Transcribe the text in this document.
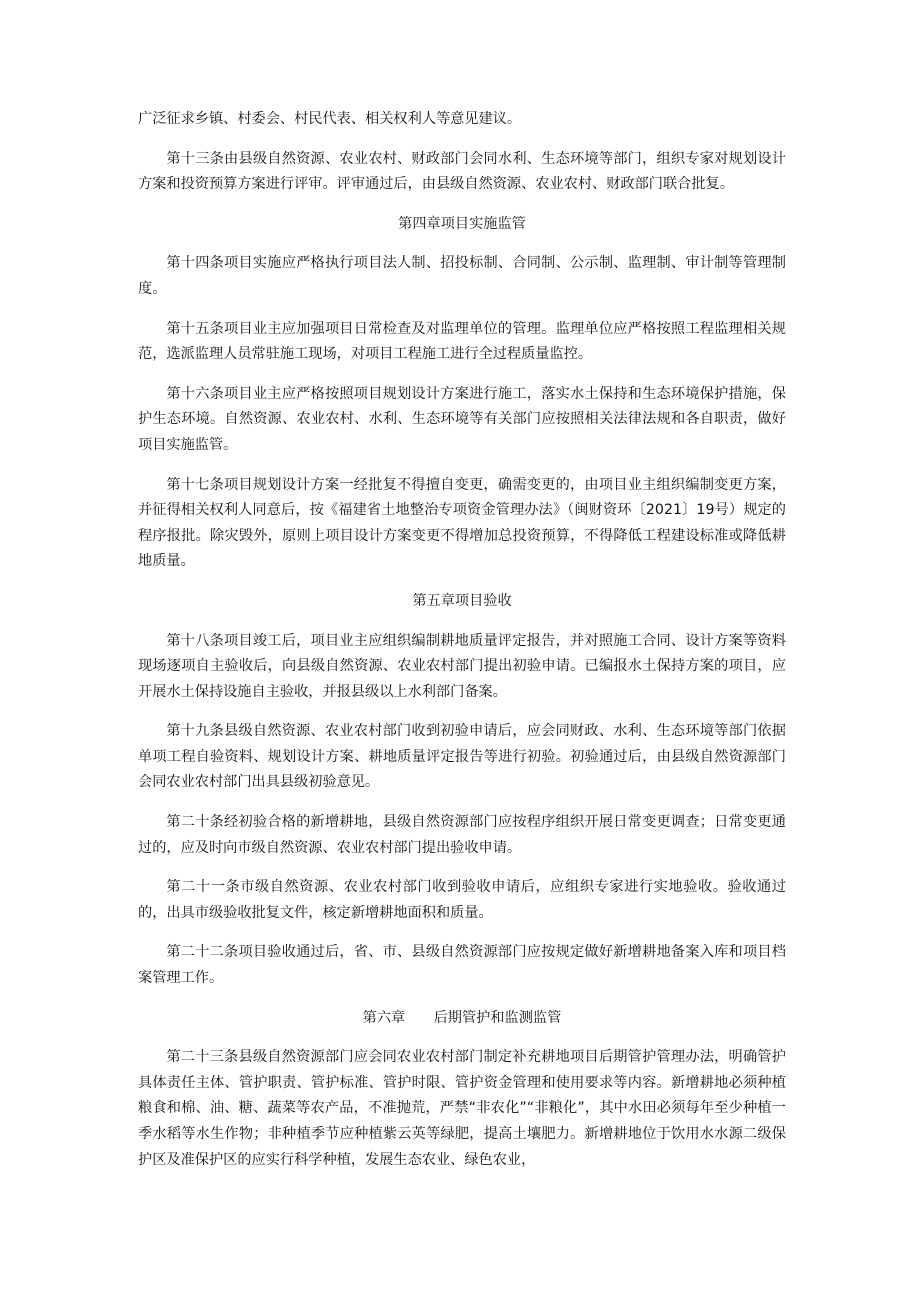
广泛征求乡镇、村委会、村民代表、相关权利人等意见建议。

第十三条由县级自然资源、农业农村、财政部门会同水利、生态环境等部门，组织专家对规划设计方案和投资预算方案进行评审。评审通过后，由县级自然资源、农业农村、财政部门联合批复。

第四章项目实施监管

第十四条项目实施应严格执行项目法人制、招投标制、合同制、公示制、监理制、审计制等管理制度。

第十五条项目业主应加强项目日常检查及对监理单位的管理。监理单位应严格按照工程监理相关规范，选派监理人员常驻施工现场，对项目工程施工进行全过程质量监控。

第十六条项目业主应严格按照项目规划设计方案进行施工，落实水土保持和生态环境保护措施，保护生态环境。自然资源、农业农村、水利、生态环境等有关部门应按照相关法律法规和各自职责，做好项目实施监管。

第十七条项目规划设计方案一经批复不得擅自变更，确需变更的，由项目业主组织编制变更方案，并征得相关权利人同意后，按《福建省土地整治专项资金管理办法》（闽财资环〔2021〕19号）规定的程序报批。除灾毁外，原则上项目设计方案变更不得增加总投资预算，不得降低工程建设标准或降低耕地质量。

第五章项目验收

第十八条项目竣工后，项目业主应组织编制耕地质量评定报告，并对照施工合同、设计方案等资料现场逐项自主验收后，向县级自然资源、农业农村部门提出初验申请。已编报水土保持方案的项目，应开展水土保持设施自主验收，并报县级以上水利部门备案。

第十九条县级自然资源、农业农村部门收到初验申请后，应会同财政、水利、生态环境等部门依据单项工程自验资料、规划设计方案、耕地质量评定报告等进行初验。初验通过后，由县级自然资源部门会同农业农村部门出具县级初验意见。

第二十条经初验合格的新增耕地，县级自然资源部门应按程序组织开展日常变更调查；日常变更通过的，应及时向市级自然资源、农业农村部门提出验收申请。

第二十一条市级自然资源、农业农村部门收到验收申请后，应组织专家进行实地验收。验收通过的，出具市级验收批复文件，核定新增耕地面积和质量。

第二十二条项目验收通过后，省、市、县级自然资源部门应按规定做好新增耕地备案入库和项目档案管理工作。

第六章　　后期管护和监测监管

第二十三条县级自然资源部门应会同农业农村部门制定补充耕地项目后期管护管理办法，明确管护具体责任主体、管护职责、管护标准、管护时限、管护资金管理和使用要求等内容。新增耕地必须种植粮食和棉、油、糖、蔬菜等农产品，不准抛荒，严禁“非农化”“非粮化”，其中水田必须每年至少种植一季水稻等水生作物；非种植季节应种植紫云英等绿肥，提高土壤肥力。新增耕地位于饮用水水源二级保护区及准保护区的应实行科学种植，发展生态农业、绿色农业，
